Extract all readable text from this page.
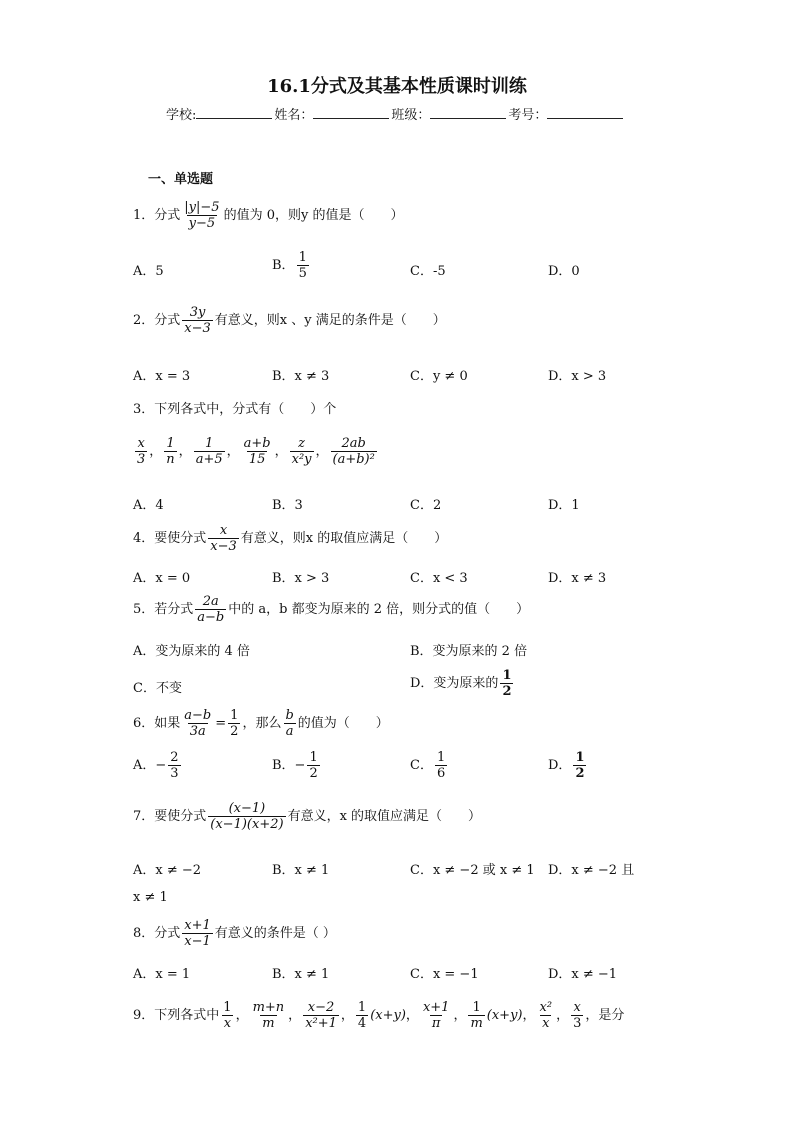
16.1分式及其基本性质课时训练
学校:	姓名：	班级：	考号：
一、单选题
1．分式 $\frac{|y|-5}{y-5}$ 的值为 0，则y 的值是（　　）
A．5	B． $\frac{1}{5}$	C．-5	D．0
2．分式 $\frac{3y}{x-3}$ 有意义，则x 、y 满足的条件是（　　）
A．x = 3	B．x ≠ 3	C．y ≠ 0	D．x > 3
3．下列各式中，分式有（　　）个
$\frac{x}{3}$ ， $\frac{1}{n}$ ， $\frac{1}{a+5}$ ， $\frac{a+b}{15}$ ， $\frac{z}{\text{x²y}}$ ， $\frac{2ab}{\text{(a+b)²}}$
A．4	B．3	C．2	D．1
4．要使分式 $\frac{x}{x-3}$ 有意义，则x 的取值应满足（　　）
A．x = 0	B．x > 3	C．x < 3	D．x ≠ 3
5．若分式 $\frac{2a}{a-b}$ 中的 a，b 都变为原来的 2 倍，则分式的值（　　）
A．变为原来的 4 倍	B．变为原来的 2 倍
C．不变	D．变为原来的 $\frac{1}{2}$
6．如果 $\frac{a-b}{3a} = \frac{1}{2}$ ，那么 $\frac{b}{a}$ 的值为（　　）
A．− $\frac{2}{3}$	B．− $\frac{1}{2}$	C． $\frac{1}{6}$	D． $\frac{1}{2}$
7．要使分式 $\frac{(x-1)}{(x-1)(x+2)}$ 有意义，x 的取值应满足（　　）
A．x ≠ −2	B．x ≠ 1	C．x ≠ −2 或 x ≠ 1 D．x ≠ −2 且
x ≠ 1
8．分式 $\frac{x+1}{x-1}$ 有意义的条件是（ ）
A．x = 1	B．x ≠ 1	C．x = −1	D．x ≠ −1
9．下列各式中 $\frac{1}{x}$ ， $\frac{m+n}{m}$ ， $\frac{x-2}{\text{x²+1}}$ ， $\frac{1}{4} (x+y)$， $\frac{x+1}{\pi}$ ， $\frac{1}{m} (x+y)$， $\frac{\text{x²}}{x}$ ， $\frac{x}{3}$ ，是分
